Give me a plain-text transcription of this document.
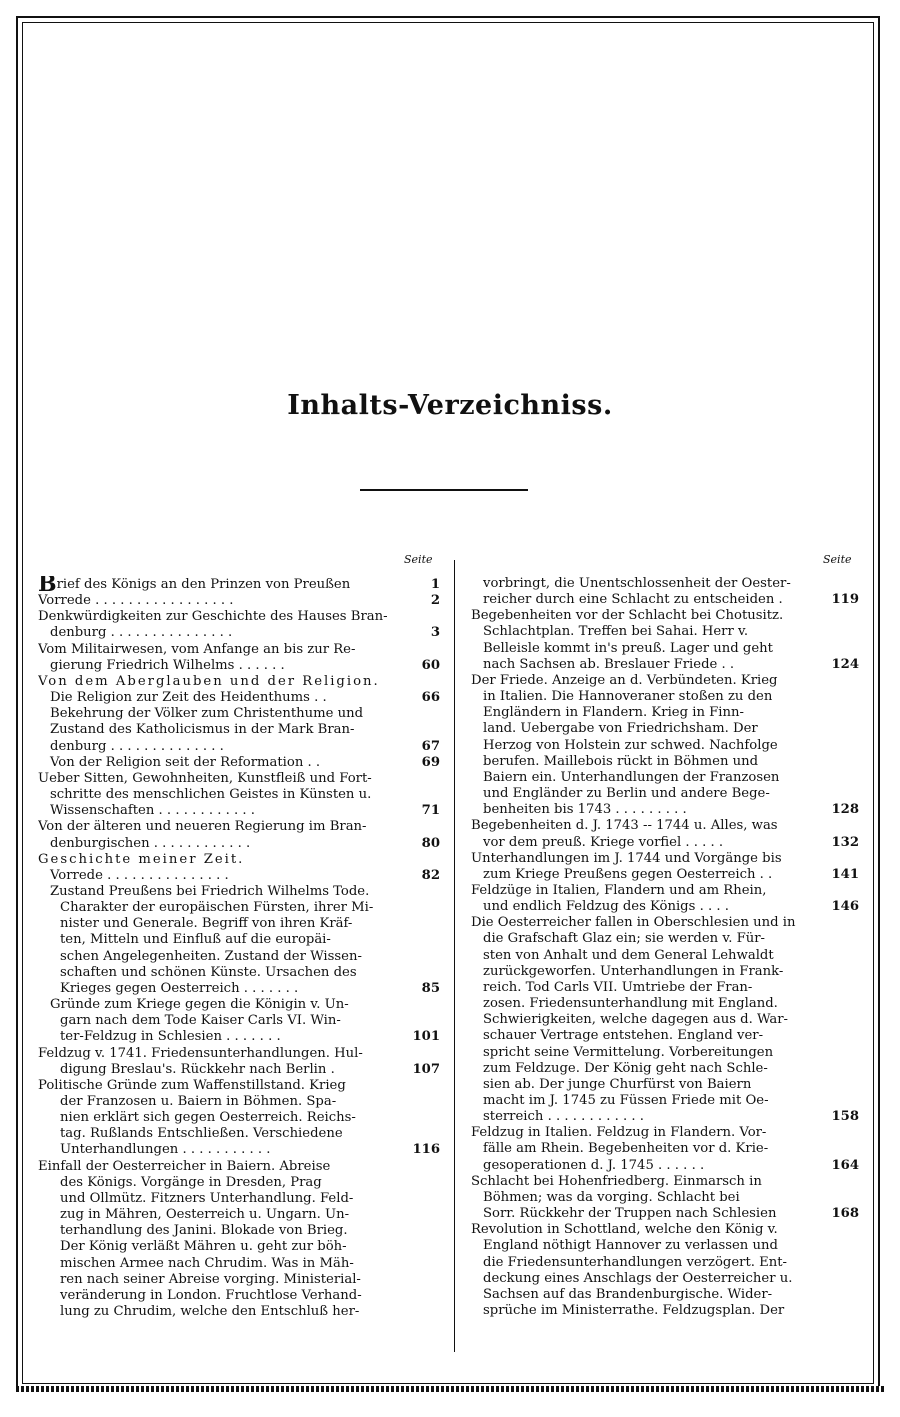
Inhalts-Verzeichniss.
Seite	Seite
Brief des Königs an den Prinzen von Preußen	1
Vorrede . . . . . . . . . . . . . . . . .	2
Denkwürdigkeiten zur Geschichte des Hauses Bran-
denburg . . . . . . . . . . . . . . .	3
Vom Militairwesen, vom Anfange an bis zur Re-
gierung Friedrich Wilhelms . . . . . .	60
Von dem Aberglauben und der Religion.
Die Religion zur Zeit des Heidenthums . .	66
Bekehrung der Völker zum Christenthume und
Zustand des Katholicismus in der Mark Bran-
denburg . . . . . . . . . . . . . .	67
Von der Religion seit der Reformation . .	69
Ueber Sitten, Gewohnheiten, Kunstfleiß und Fort-
schritte des menschlichen Geistes in Künsten u.
Wissenschaften . . . . . . . . . . . .	71
Von der älteren und neueren Regierung im Bran-
denburgischen . . . . . . . . . . . .	80
Geschichte meiner Zeit.
Vorrede . . . . . . . . . . . . . . .	82
Zustand Preußens bei Friedrich Wilhelms Tode.
Charakter der europäischen Fürsten, ihrer Mi-
nister und Generale. Begriff von ihren Kräf-
ten, Mitteln und Einfluß auf die europäi-
schen Angelegenheiten. Zustand der Wissen-
schaften und schönen Künste. Ursachen des
Krieges gegen Oesterreich . . . . . . .	85
Gründe zum Kriege gegen die Königin v. Un-
garn nach dem Tode Kaiser Carls VI. Win-
ter-Feldzug in Schlesien . . . . . . .	101
Feldzug v. 1741. Friedensunterhandlungen. Hul-
digung Breslau's. Rückkehr nach Berlin .	107
Politische Gründe zum Waffenstillstand. Krieg
der Franzosen u. Baiern in Böhmen. Spa-
nien erklärt sich gegen Oesterreich. Reichs-
tag. Rußlands Entschließen. Verschiedene
Unterhandlungen . . . . . . . . . . .	116
Einfall der Oesterreicher in Baiern. Abreise
des Königs. Vorgänge in Dresden, Prag
und Ollmütz. Fitzners Unterhandlung. Feld-
zug in Mähren, Oesterreich u. Ungarn. Un-
terhandlung des Janini. Blokade von Brieg.
Der König verläßt Mähren u. geht zur böh-
mischen Armee nach Chrudim. Was in Mäh-
ren nach seiner Abreise vorging. Ministerial-
veränderung in London. Fruchtlose Verhand-
lung zu Chrudim, welche den Entschluß her-
vorbringt, die Unentschlossenheit der Oester-
reicher durch eine Schlacht zu entscheiden .	119
Begebenheiten vor der Schlacht bei Chotusitz.
Schlachtplan. Treffen bei Sahai. Herr v.
Belleisle kommt in's preuß. Lager und geht
nach Sachsen ab. Breslauer Friede . .	124
Der Friede. Anzeige an d. Verbündeten. Krieg
in Italien. Die Hannoveraner stoßen zu den
Engländern in Flandern. Krieg in Finn-
land. Uebergabe von Friedrichsham. Der
Herzog von Holstein zur schwed. Nachfolge
berufen. Maillebois rückt in Böhmen und
Baiern ein. Unterhandlungen der Franzosen
und Engländer zu Berlin und andere Bege-
benheiten bis 1743 . . . . . . . . .	128
Begebenheiten d. J. 1743 -- 1744 u. Alles, was
vor dem preuß. Kriege vorfiel . . . . .	132
Unterhandlungen im J. 1744 und Vorgänge bis
zum Kriege Preußens gegen Oesterreich . .	141
Feldzüge in Italien, Flandern und am Rhein,
und endlich Feldzug des Königs . . . .	146
Die Oesterreicher fallen in Oberschlesien und in
die Grafschaft Glaz ein; sie werden v. Für-
sten von Anhalt und dem General Lehwaldt
zurückgeworfen. Unterhandlungen in Frank-
reich. Tod Carls VII. Umtriebe der Fran-
zosen. Friedensunterhandlung mit England.
Schwierigkeiten, welche dagegen aus d. War-
schauer Vertrage entstehen. England ver-
spricht seine Vermittelung. Vorbereitungen
zum Feldzuge. Der König geht nach Schle-
sien ab. Der junge Churfürst von Baiern
macht im J. 1745 zu Füssen Friede mit Oe-
sterreich . . . . . . . . . . . .	158
Feldzug in Italien. Feldzug in Flandern. Vor-
fälle am Rhein. Begebenheiten vor d. Krie-
gesoperationen d. J. 1745 . . . . . .	164
Schlacht bei Hohenfriedberg. Einmarsch in
Böhmen; was da vorging. Schlacht bei
Sorr. Rückkehr der Truppen nach Schlesien	168
Revolution in Schottland, welche den König v.
England nöthigt Hannover zu verlassen und
die Friedensunterhandlungen verzögert. Ent-
deckung eines Anschlags der Oesterreicher u.
Sachsen auf das Brandenburgische. Wider-
sprüche im Ministerrathe. Feldzugsplan. Der
